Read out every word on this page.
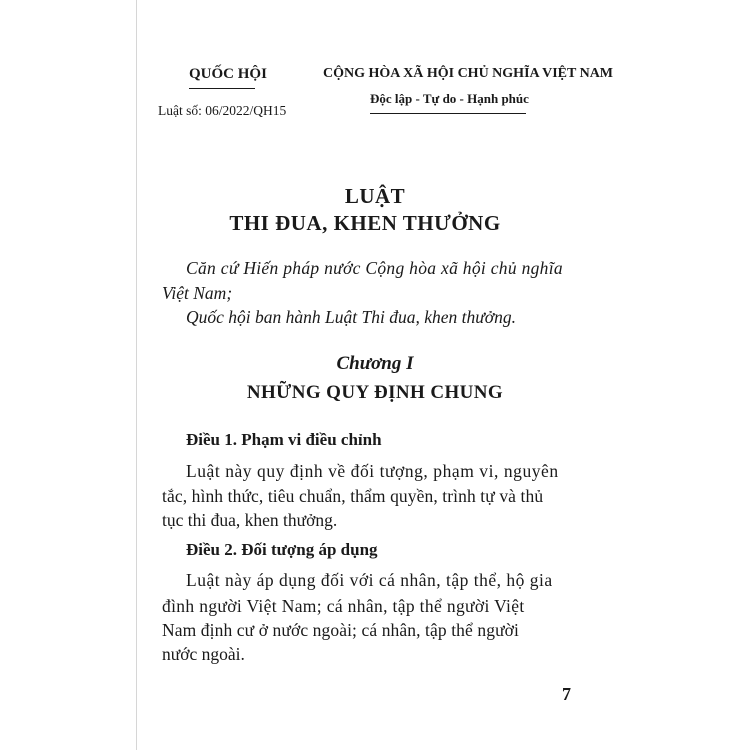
QUỐC HỘI
Luật số: 06/2022/QH15
CỘNG HÒA XÃ HỘI CHỦ NGHĨA VIỆT NAM
Độc lập - Tự do - Hạnh phúc
LUẬT
THI ĐUA, KHEN THƯỞNG
Căn cứ Hiến pháp nước Cộng hòa xã hội chủ nghĩa
Việt Nam;
Quốc hội ban hành Luật Thi đua, khen thưởng.
Chương I
NHỮNG QUY ĐỊNH CHUNG
Điều 1. Phạm vi điều chỉnh
Luật này quy định về đối tượng, phạm vi, nguyên
tắc, hình thức, tiêu chuẩn, thẩm quyền, trình tự và thủ
tục thi đua, khen thưởng.
Điều 2. Đối tượng áp dụng
Luật này áp dụng đối với cá nhân, tập thể, hộ gia
đình người Việt Nam; cá nhân, tập thể người Việt
Nam định cư ở nước ngoài; cá nhân, tập thể người
nước ngoài.
7
